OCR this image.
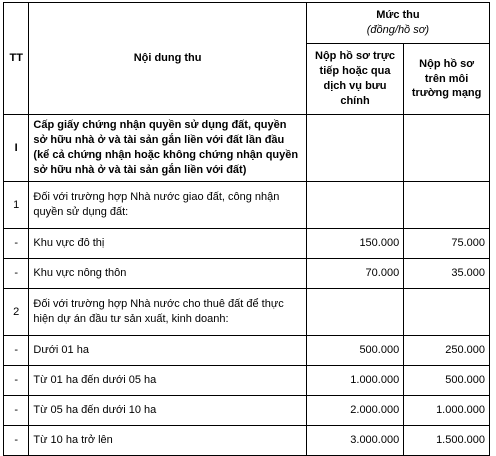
TT	Nội dung thu	Mức thu
(đồng/hồ sơ)	

		Nộp hồ sơ trực tiếp hoặc qua dịch vụ bưu chính	Nộp hồ sơ trên môi trường mạng
I	Cấp giấy chứng nhận quyền sử dụng đất, quyền sở hữu nhà ở và tài sản gắn liền với đất lần đầu (kể cả chứng nhận hoặc không chứng nhận quyền sở hữu nhà ở và tài sản gắn liền với đất)		
1	Đối với trường hợp Nhà nước giao đất, công nhận quyền sử dụng đất:		
-	Khu vực đô thị	150.000	75.000
-	Khu vực nông thôn	70.000	35.000
2	Đối với trường hợp Nhà nước cho thuê đất để thực hiện dự án đầu tư sản xuất, kinh doanh:		
-	Dưới 01 ha	500.000	250.000
-	Từ 01 ha đến dưới 05 ha	1.000.000	500.000
-	Từ 05 ha đến dưới 10 ha	2.000.000	1.000.000
-	Từ 10 ha trở lên	3.000.000	1.500.000
